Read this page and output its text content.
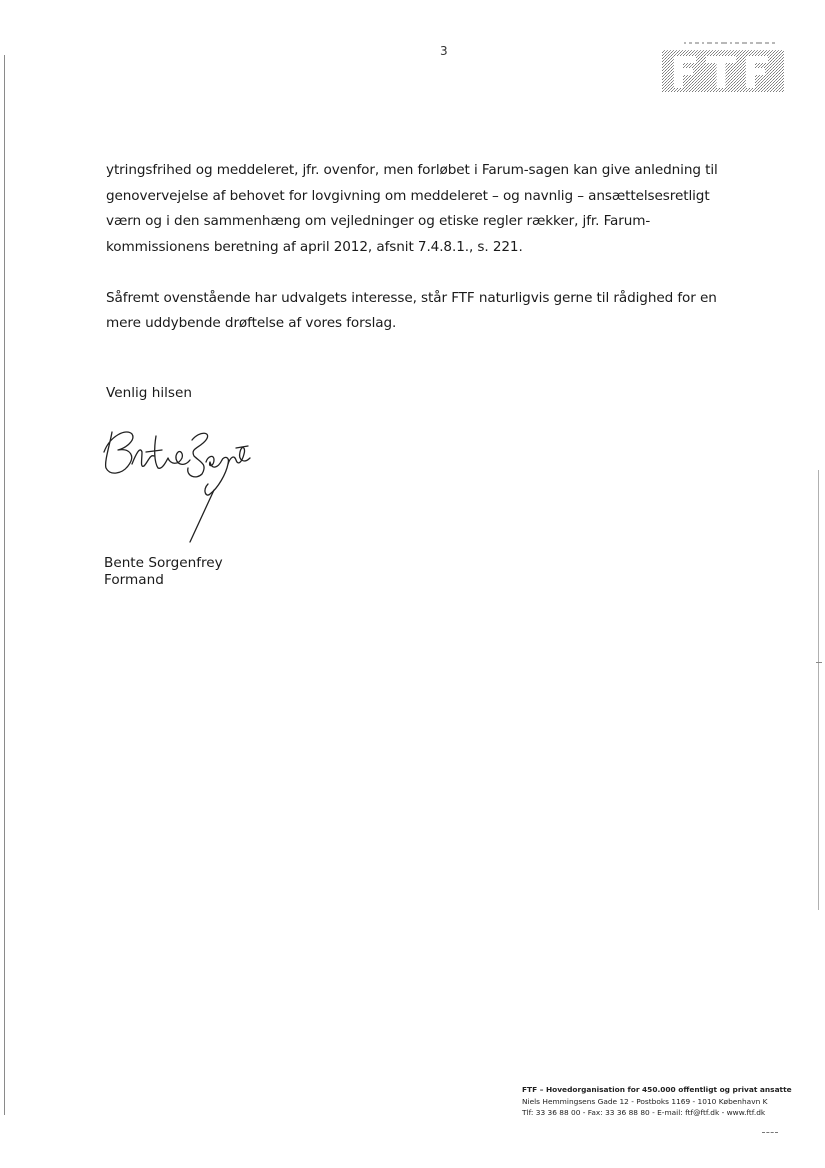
3
ytringsfrihed og meddeleret, jfr. ovenfor, men forløbet i Farum-sagen kan give anledning til
genovervejelse af behovet for lovgivning om meddeleret – og navnlig – ansættelsesretligt
værn og i den sammenhæng om vejledninger og etiske regler rækker, jfr. Farum-
kommissionens beretning af april 2012, afsnit 7.4.8.1., s. 221.
Såfremt ovenstående har udvalgets interesse, står FTF naturligvis gerne til rådighed for en
mere uddybende drøftelse af vores forslag.
Venlig hilsen
Bente Sorgenfrey
Formand
FTF – Hovedorganisation for 450.000 offentligt og privat ansatte
Niels Hemmingsens Gade 12 - Postboks 1169 - 1010 København K
Tlf: 33 36 88 00 - Fax: 33 36 88 80 - E-mail: ftf@ftf.dk - www.ftf.dk
